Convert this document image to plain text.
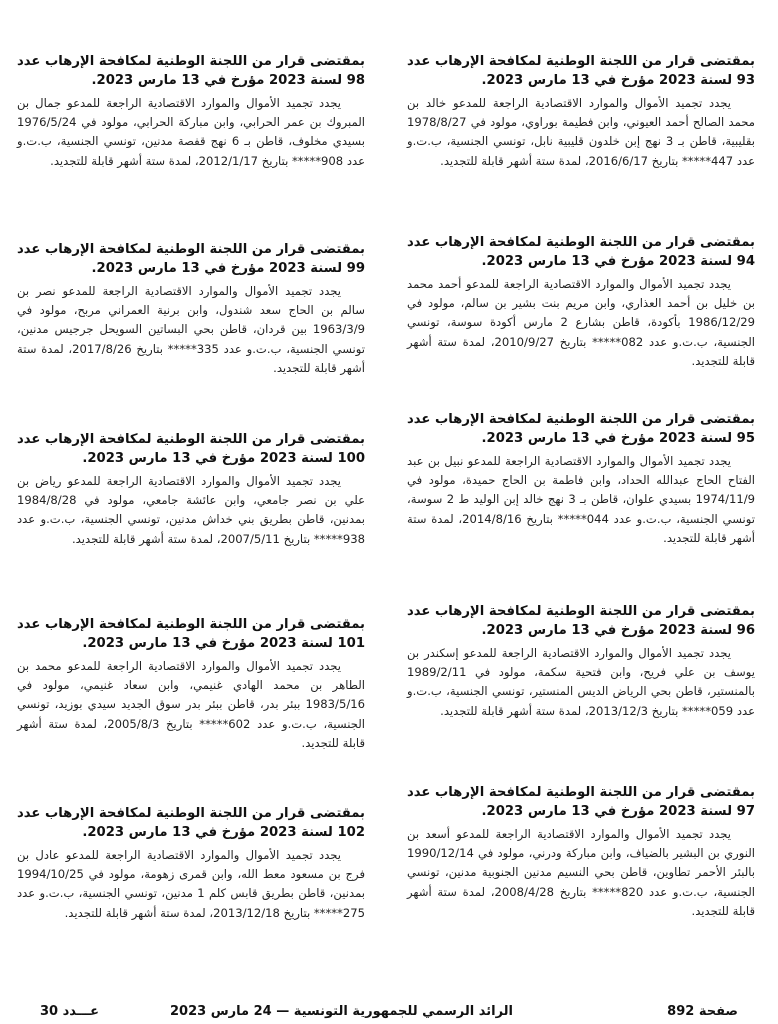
بمقتضى قرار من اللجنة الوطنية لمكافحة الإرهاب عدد 93 لسنة 2023 مؤرخ في 13 مارس 2023.

يجدد تجميد الأموال والموارد الاقتصادية الراجعة للمدعو خالد بن محمد الصالح أحمد العيوني، وابن فطيمة بوراوي، مولود في 1978/8/27 بقليبية، قاطن بـ 3 نهج إبن خلدون قليبية نابل، تونسي الجنسية، ب.ت.و عدد 447***** بتاريخ 2016/6/17، لمدة ستة أشهر قابلة للتجديد.

بمقتضى قرار من اللجنة الوطنية لمكافحة الإرهاب عدد 94 لسنة 2023 مؤرخ في 13 مارس 2023.

يجدد تجميد الأموال والموارد الاقتصادية الراجعة للمدعو أحمد محمد بن خليل بن أحمد العذاري، وابن مريم بنت بشير بن سالم، مولود في 1986/12/29 بأكودة، قاطن بشارع 2 مارس أكودة سوسة، تونسي الجنسية، ب.ت.و عدد 082***** بتاريخ 2010/9/27، لمدة ستة أشهر قابلة للتجديد.

بمقتضى قرار من اللجنة الوطنية لمكافحة الإرهاب عدد 95 لسنة 2023 مؤرخ في 13 مارس 2023.

يجدد تجميد الأموال والموارد الاقتصادية الراجعة للمدعو نبيل بن عبد الفتاح الحاج عبدالله الحداد، وابن فاطمة بن الحاج حميدة، مولود في 1974/11/9 بسيدي علوان، قاطن بـ 3 نهج خالد إبن الوليد ط 2 سوسة، تونسي الجنسية، ب.ت.و عدد 044***** بتاريخ 2014/8/16، لمدة ستة أشهر قابلة للتجديد.

بمقتضى قرار من اللجنة الوطنية لمكافحة الإرهاب عدد 96 لسنة 2023 مؤرخ في 13 مارس 2023.

يجدد تجميد الأموال والموارد الاقتصادية الراجعة للمدعو إسكندر بن يوسف بن علي فريح، وابن فتحية سكمة، مولود في 1989/2/11 بالمنستير، قاطن بحي الرياض الديس المنستير، تونسي الجنسية، ب.ت.و عدد 059***** بتاريخ 2013/12/3، لمدة ستة أشهر قابلة للتجديد.

بمقتضى قرار من اللجنة الوطنية لمكافحة الإرهاب عدد 97 لسنة 2023 مؤرخ في 13 مارس 2023.

يجدد تجميد الأموال والموارد الاقتصادية الراجعة للمدعو أسعد بن النوري بن البشير بالضياف، وابن مباركة ودرني، مولود في 1990/12/14 بالبئر الأحمر تطاوين، قاطن بحي النسيم مدنين الجنوبية مدنين، تونسي الجنسية، ب.ت.و عدد 820***** بتاريخ 2008/4/28، لمدة ستة أشهر قابلة للتجديد.

بمقتضى قرار من اللجنة الوطنية لمكافحة الإرهاب عدد 98 لسنة 2023 مؤرخ في 13 مارس 2023.

يجدد تجميد الأموال والموارد الاقتصادية الراجعة للمدعو جمال بن المبروك بن عمر الحرابي، وابن مباركة الحرابي، مولود في 1976/5/24 بسيدي مخلوف، قاطن بـ 6 نهج قفصة مدنين، تونسي الجنسية، ب.ت.و عدد 908***** بتاريخ 2012/1/17، لمدة ستة أشهر قابلة للتجديد.

بمقتضى قرار من اللجنة الوطنية لمكافحة الإرهاب عدد 99 لسنة 2023 مؤرخ في 13 مارس 2023.

يجدد تجميد الأموال والموارد الاقتصادية الراجعة للمدعو نصر بن سالم بن الحاج سعد شندول، وابن برنية العمراني مربح، مولود في 1963/3/9 بين قردان، قاطن بحي البساتين السويحل جرجيس مدنين، تونسي الجنسية، ب.ت.و عدد 335***** بتاريخ 2017/8/26، لمدة ستة أشهر قابلة للتجديد.

بمقتضى قرار من اللجنة الوطنية لمكافحة الإرهاب عدد 100 لسنة 2023 مؤرخ في 13 مارس 2023.

يجدد تجميد الأموال والموارد الاقتصادية الراجعة للمدعو رياض بن علي بن نصر جامعي، وابن عائشة جامعي، مولود في 1984/8/28 بمدنين، قاطن بطريق بني خداش مدنين، تونسي الجنسية، ب.ت.و عدد 938***** بتاريخ 2007/5/11، لمدة ستة أشهر قابلة للتجديد.

بمقتضى قرار من اللجنة الوطنية لمكافحة الإرهاب عدد 101 لسنة 2023 مؤرخ في 13 مارس 2023.

يجدد تجميد الأموال والموارد الاقتصادية الراجعة للمدعو محمد بن الطاهر بن محمد الهادي غنيمي، وابن سعاد غنيمي، مولود في 1983/5/16 ببئر بدر، قاطن ببئر بدر سوق الجديد سيدي بوزيد، تونسي الجنسية، ب.ت.و عدد 602***** بتاريخ 2005/8/3، لمدة ستة أشهر قابلة للتجديد.

بمقتضى قرار من اللجنة الوطنية لمكافحة الإرهاب عدد 102 لسنة 2023 مؤرخ في 13 مارس 2023.

يجدد تجميد الأموال والموارد الاقتصادية الراجعة للمدعو عادل بن فرج بن مسعود معط الله، وابن قمرى زهومة، مولود في 1994/10/25 بمدنين، قاطن بطريق قابس كلم 1 مدنين، تونسي الجنسية، ب.ت.و عدد 275***** بتاريخ 2013/12/18، لمدة ستة أشهر قابلة للتجديد.

صفحة 892
الرائد الرسمي للجمهورية التونسية — 24 مارس 2023
عـــدد 30
